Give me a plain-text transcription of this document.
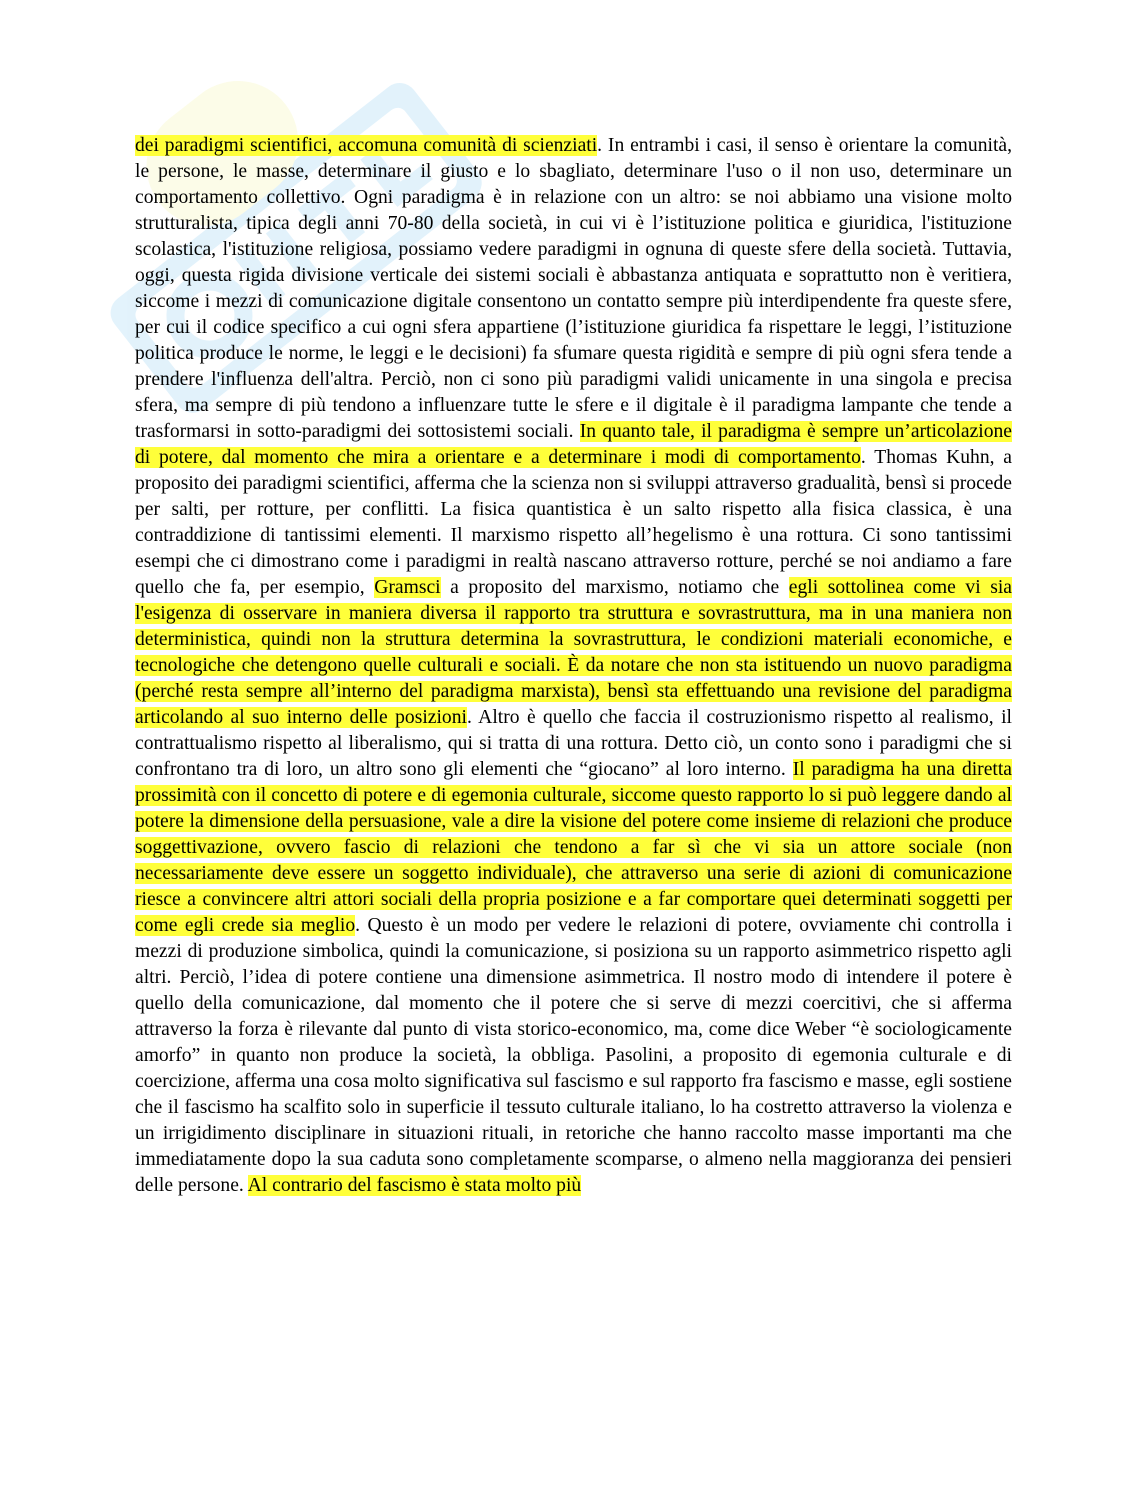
dei paradigmi scientifici, accomuna comunità di scienziati. In entrambi i casi, il senso è orientare la comunità, le persone, le masse, determinare il giusto e lo sbagliato, determinare l'uso o il non uso, determinare un comportamento collettivo. Ogni paradigma è in relazione con un altro: se noi abbiamo una visione molto strutturalista, tipica degli anni 70-80 della società, in cui vi è l’istituzione politica e giuridica, l'istituzione scolastica, l'istituzione religiosa, possiamo vedere paradigmi in ognuna di queste sfere della società. Tuttavia, oggi, questa rigida divisione verticale dei sistemi sociali è abbastanza antiquata e soprattutto non è veritiera, siccome i mezzi di comunicazione digitale consentono un contatto sempre più interdipendente fra queste sfere, per cui il codice specifico a cui ogni sfera appartiene (l’istituzione giuridica fa rispettare le leggi, l’istituzione politica produce le norme, le leggi e le decisioni) fa sfumare questa rigidità e sempre di più ogni sfera tende a prendere l'influenza dell'altra. Perciò, non ci sono più paradigmi validi unicamente in una singola e precisa sfera, ma sempre di più tendono a influenzare tutte le sfere e il digitale è il paradigma lampante che tende a trasformarsi in sotto-paradigmi dei sottosistemi sociali. In quanto tale, il paradigma è sempre un’articolazione di potere, dal momento che mira a orientare e a determinare i modi di comportamento. Thomas Kuhn, a proposito dei paradigmi scientifici, afferma che la scienza non si sviluppi attraverso gradualità, bensì si procede per salti, per rotture, per conflitti. La fisica quantistica è un salto rispetto alla fisica classica, è una contraddizione di tantissimi elementi. Il marxismo rispetto all’hegelismo è una rottura. Ci sono tantissimi esempi che ci dimostrano come i paradigmi in realtà nascano attraverso rotture, perché se noi andiamo a fare quello che fa, per esempio, Gramsci a proposito del marxismo, notiamo che egli sottolinea come vi sia l'esigenza di osservare in maniera diversa il rapporto tra struttura e sovrastruttura, ma in una maniera non deterministica, quindi non la struttura determina la sovrastruttura, le condizioni materiali economiche, e tecnologiche che detengono quelle culturali e sociali. È da notare che non sta istituendo un nuovo paradigma (perché resta sempre all’interno del paradigma marxista), bensì sta effettuando una revisione del paradigma articolando al suo interno delle posizioni. Altro è quello che faccia il costruzionismo rispetto al realismo, il contrattualismo rispetto al liberalismo, qui si tratta di una rottura. Detto ciò, un conto sono i paradigmi che si confrontano tra di loro, un altro sono gli elementi che “giocano” al loro interno. Il paradigma ha una diretta prossimità con il concetto di potere e di egemonia culturale, siccome questo rapporto lo si può leggere dando al potere la dimensione della persuasione, vale a dire la visione del potere come insieme di relazioni che produce soggettivazione, ovvero fascio di relazioni che tendono a far sì che vi sia un attore sociale (non necessariamente deve essere un soggetto individuale), che attraverso una serie di azioni di comunicazione riesce a convincere altri attori sociali della propria posizione e a far comportare quei determinati soggetti per come egli crede sia meglio. Questo è un modo per vedere le relazioni di potere, ovviamente chi controlla i mezzi di produzione simbolica, quindi la comunicazione, si posiziona su un rapporto asimmetrico rispetto agli altri. Perciò, l’idea di potere contiene una dimensione asimmetrica. Il nostro modo di intendere il potere è quello della comunicazione, dal momento che il potere che si serve di mezzi coercitivi, che si afferma attraverso la forza è rilevante dal punto di vista storico-economico, ma, come dice Weber “è sociologicamente amorfo” in quanto non produce la società, la obbliga. Pasolini, a proposito di egemonia culturale e di coercizione, afferma una cosa molto significativa sul fascismo e sul rapporto fra fascismo e masse, egli sostiene che il fascismo ha scalfito solo in superficie il tessuto culturale italiano, lo ha costretto attraverso la violenza e un irrigidimento disciplinare in situazioni rituali, in retoriche che hanno raccolto masse importanti ma che immediatamente dopo la sua caduta sono completamente scomparse, o almeno nella maggioranza dei pensieri delle persone. Al contrario del fascismo è stata molto più
